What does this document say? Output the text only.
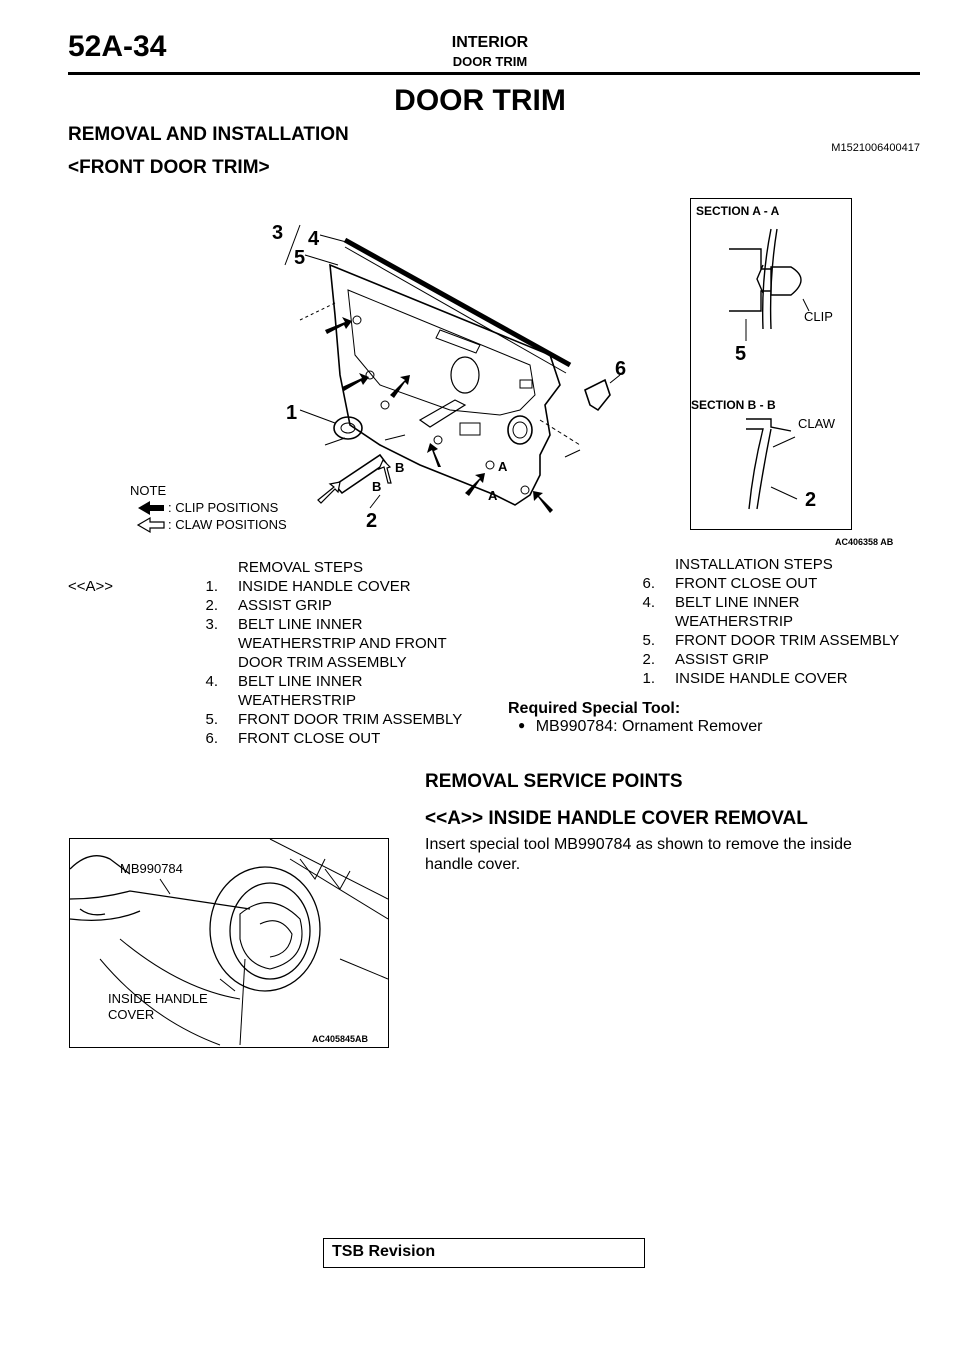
52A-34	INTERIOR
DOOR TRIM
DOOR TRIM
REMOVAL AND INSTALLATION
M1521006400417
<FRONT DOOR TRIM>
3 4
5
6
1
2
A
A
B
B
NOTE
: CLIP POSITIONS
: CLAW POSITIONS
SECTION A - A
CLIP
5
SECTION B - B
CLAW
2
AC406358 AB
REMOVAL STEPS
<<A>>	1. INSIDE HANDLE COVER
2. ASSIST GRIP
3. BELT LINE INNER
WEATHERSTRIP AND FRONT
DOOR TRIM ASSEMBLY
4. BELT LINE INNER
WEATHERSTRIP
5. FRONT DOOR TRIM ASSEMBLY
6. FRONT CLOSE OUT
INSTALLATION STEPS
6. FRONT CLOSE OUT
4. BELT LINE INNER
WEATHERSTRIP
5. FRONT DOOR TRIM ASSEMBLY
2. ASSIST GRIP
1. INSIDE HANDLE COVER
Required Special Tool:
● MB990784: Ornament Remover
REMOVAL SERVICE POINTS
<<A>> INSIDE HANDLE COVER REMOVAL
Insert special tool MB990784 as shown to remove the inside
handle cover.
MB990784
INSIDE HANDLE
COVER
AC405845AB
TSB Revision
